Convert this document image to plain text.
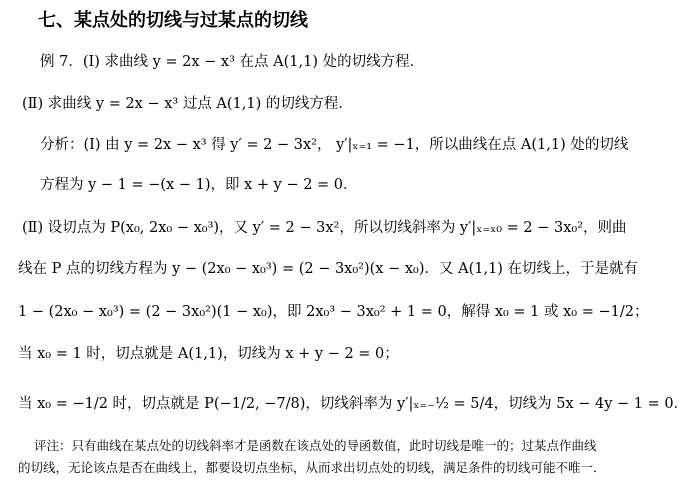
七、某点处的切线与过某点的切线
例 7．(Ⅰ) 求曲线 y = 2x − x³ 在点 A(1,1) 处的切线方程．
(Ⅱ) 求曲线 y = 2x − x³ 过点 A(1,1) 的切线方程．
分析：(Ⅰ) 由 y = 2x − x³ 得 y′ = 2 − 3x²， y′|ₓ₌₁ = −1，所以曲线在点 A(1,1) 处的切线
方程为 y − 1 = −(x − 1)，即 x + y − 2 = 0．
(Ⅱ) 设切点为 P(x₀, 2x₀ − x₀³)，又 y′ = 2 − 3x²，所以切线斜率为 y′|ₓ₌ₓ₀ = 2 − 3x₀²，则曲
线在 P 点的切线方程为 y − (2x₀ − x₀³) = (2 − 3x₀²)(x − x₀)．又 A(1,1) 在切线上，于是就有
1 − (2x₀ − x₀³) = (2 − 3x₀²)(1 − x₀)，即 2x₀³ − 3x₀² + 1 = 0，解得 x₀ = 1 或 x₀ = −1/2；
当 x₀ = 1 时，切点就是 A(1,1)，切线为 x + y − 2 = 0；
当 x₀ = −1/2 时，切点就是 P(−1/2, −7/8)，切线斜率为 y′|ₓ₌₋½ = 5/4，切线为 5x − 4y − 1 = 0．
评注：只有曲线在某点处的切线斜率才是函数在该点处的导函数值，此时切线是唯一的；过某点作曲线
的切线，无论该点是否在曲线上，都要设切点坐标，从而求出切点处的切线，满足条件的切线可能不唯一．
